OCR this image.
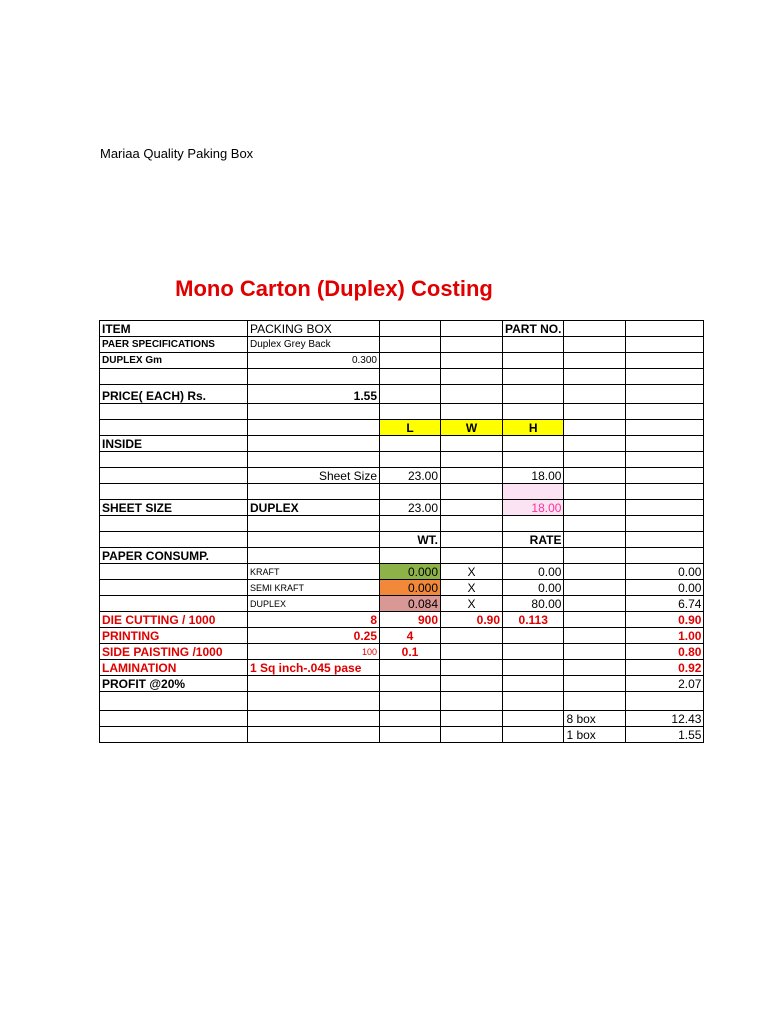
Mariaa Quality Paking Box
Mono Carton (Duplex) Costing
ITEM	PACKING BOX			PART NO.		
PAER SPECIFICATIONS	Duplex Grey Back					
DUPLEX Gm	0.300					

PRICE( EACH) Rs.	1.55					

		L	W	H		
INSIDE						

	Sheet Size	23.00		18.00		

SHEET SIZE	DUPLEX	23.00		18.00		

		WT.		RATE		
PAPER CONSUMP.						
	KRAFT	0.000	X	0.00		0.00
	SEMI KRAFT	0.000	X	0.00		0.00
	DUPLEX	0.084	X	80.00		6.74
DIE CUTTING / 1000	8	900	0.90	0.113		0.90
PRINTING	0.25	4				1.00
SIDE PAISTING /1000	100	0.1				0.80
LAMINATION	1 Sq inch-.045 pase					0.92
PROFIT @20%						2.07

					8 box	12.43
					1 box	1.55
